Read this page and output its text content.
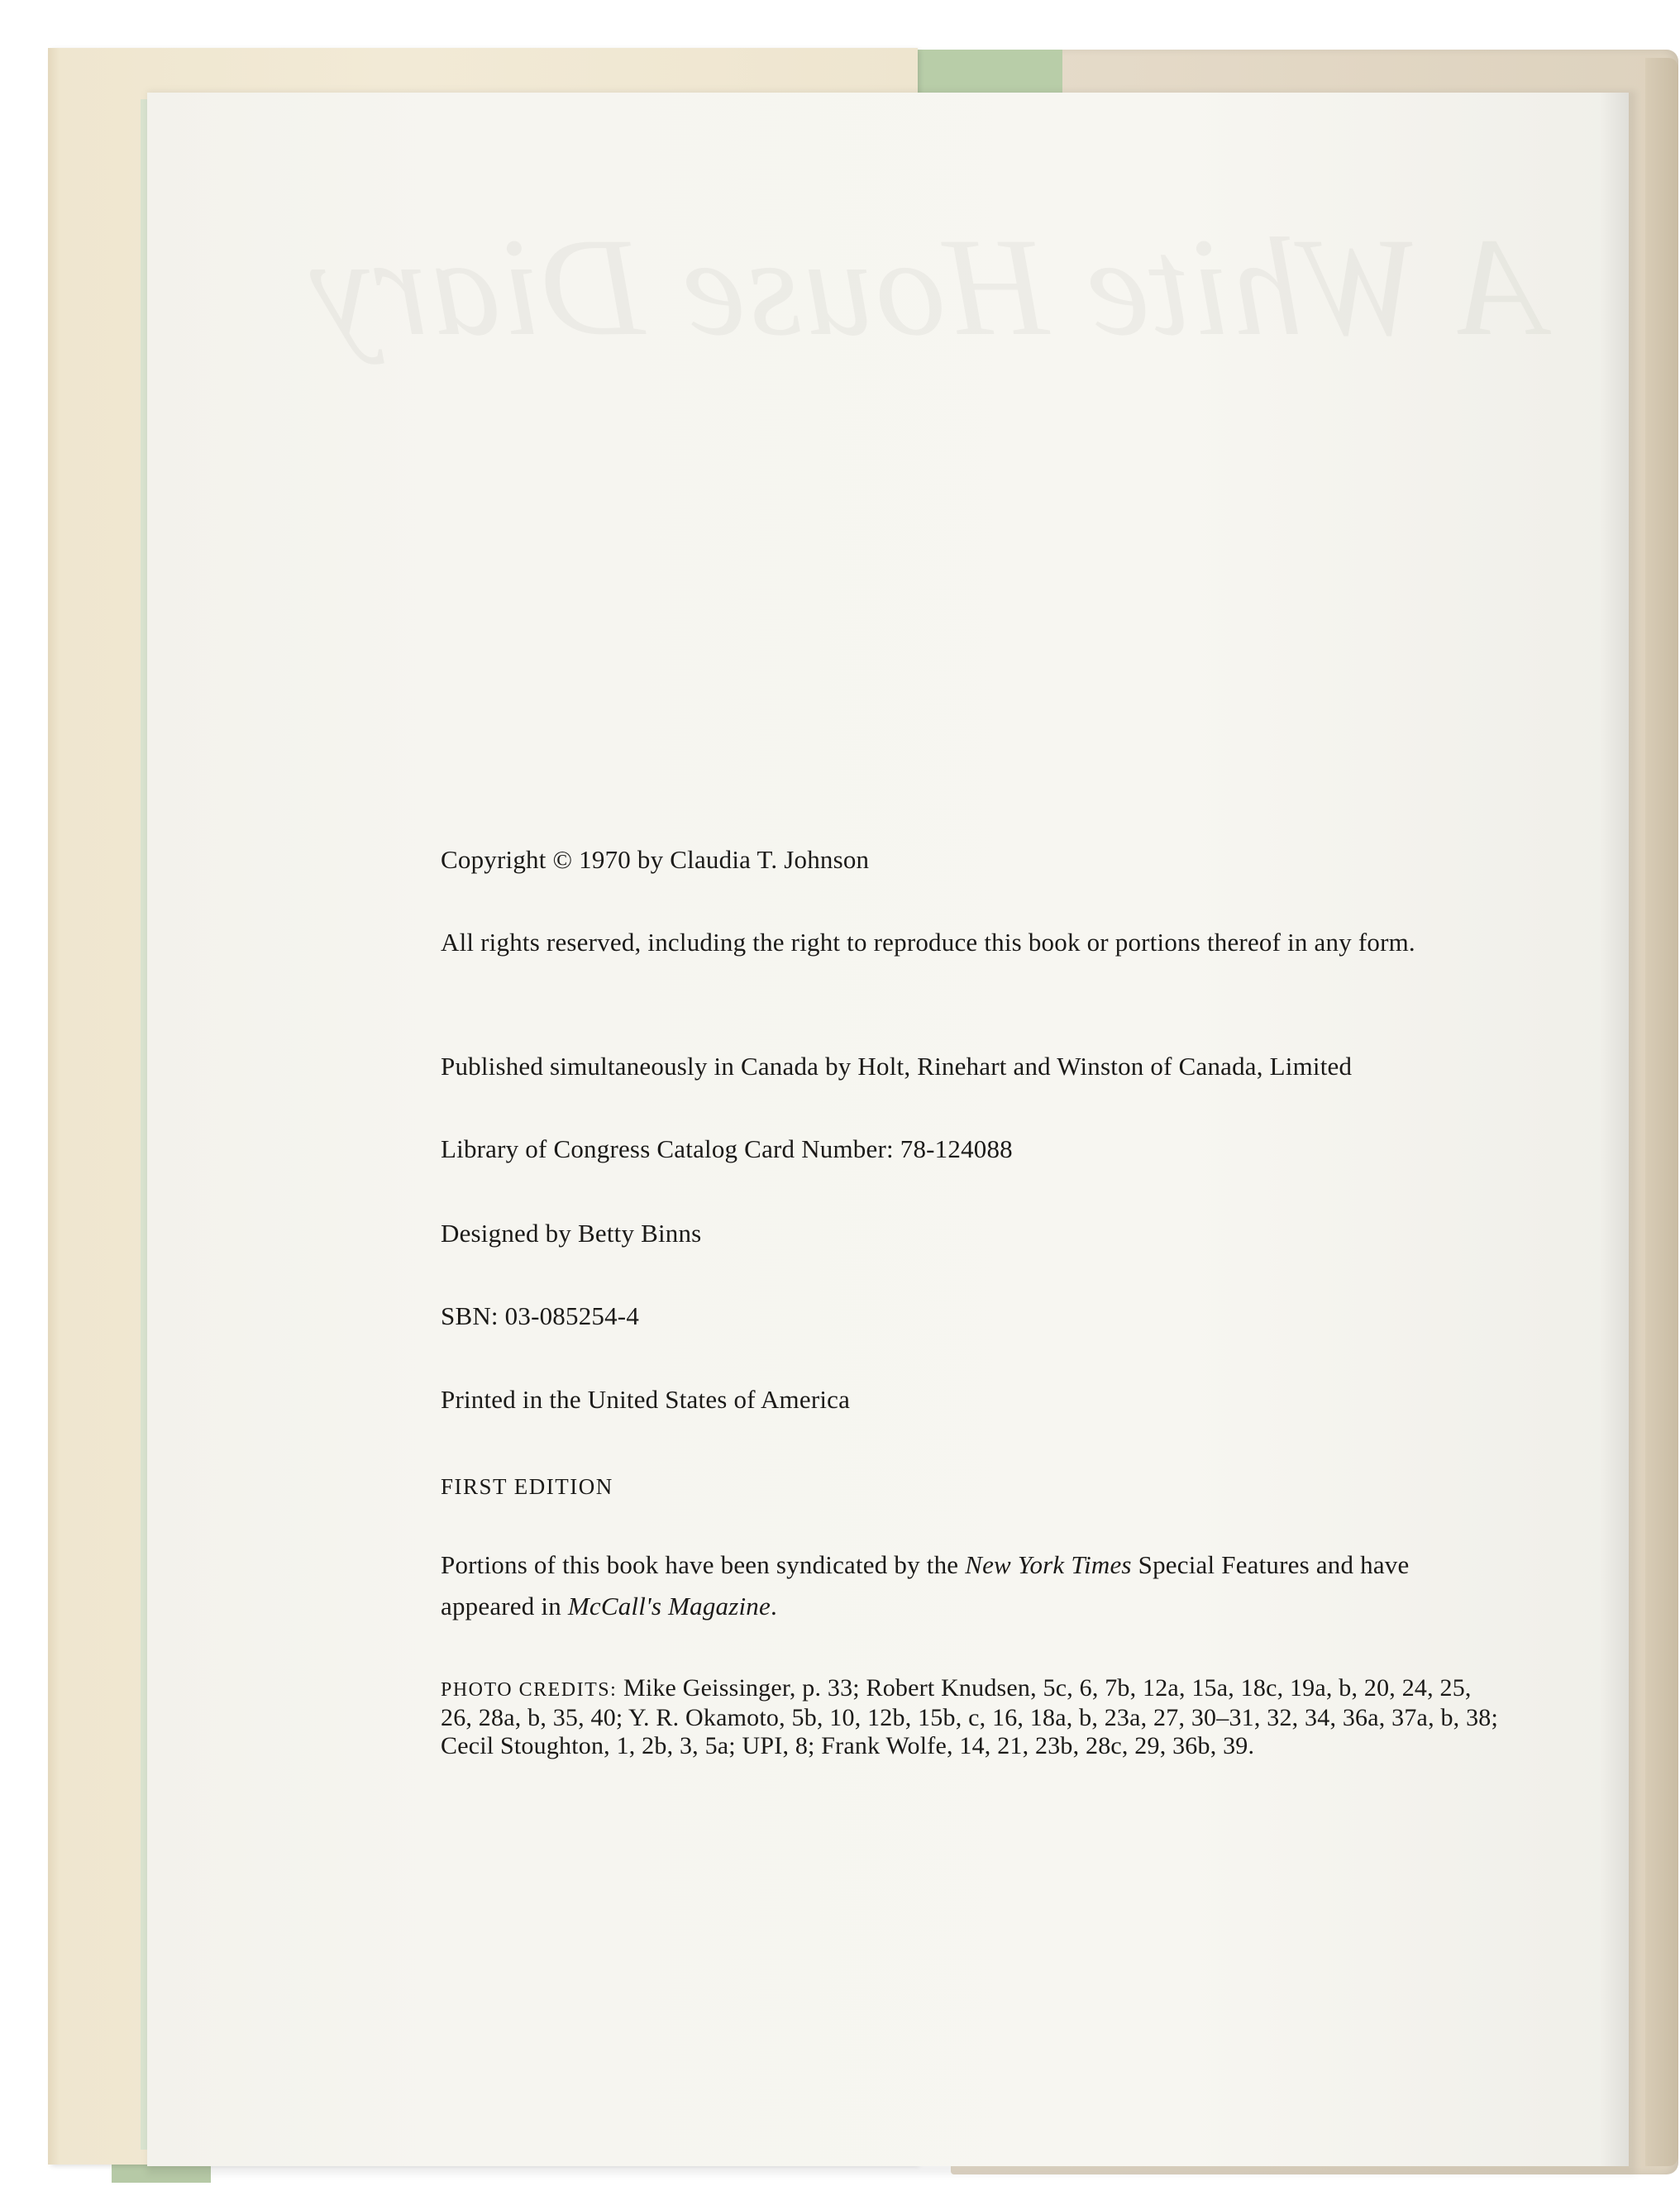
A White House Diary
Copyright © 1970 by Claudia T. Johnson
All rights reserved, including the right to reproduce this book or portions thereof in any form.
Published simultaneously in Canada by Holt, Rinehart and Winston of Canada, Limited
Library of Congress Catalog Card Number: 78-124088
Designed by Betty Binns
SBN: 03-085254-4
Printed in the United States of America
FIRST EDITION
Portions of this book have been syndicated by the New York Times Special Features and have appeared in McCall's Magazine.
PHOTO CREDITS: Mike Geissinger, p. 33; Robert Knudsen, 5c, 6, 7b, 12a, 15a, 18c, 19a, b, 20, 24, 25, 26, 28a, b, 35, 40; Y. R. Okamoto, 5b, 10, 12b, 15b, c, 16, 18a, b, 23a, 27, 30–31, 32, 34, 36a, 37a, b, 38; Cecil Stoughton, 1, 2b, 3, 5a; UPI, 8; Frank Wolfe, 14, 21, 23b, 28c, 29, 36b, 39.
